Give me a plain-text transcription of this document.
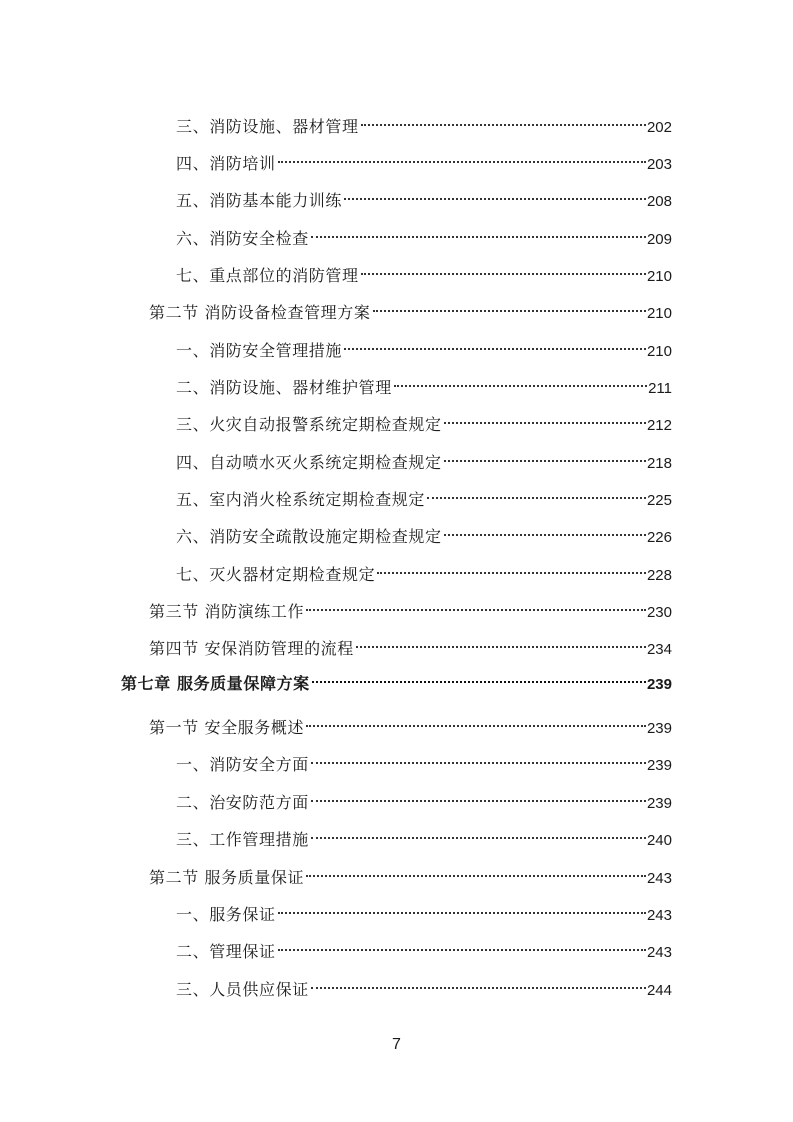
三、消防设施、器材管理	202
四、消防培训	203
五、消防基本能力训练	208
六、消防安全检查	209
七、重点部位的消防管理	210
第二节 消防设备检查管理方案	210
一、消防安全管理措施	210
二、消防设施、器材维护管理	211
三、火灾自动报警系统定期检查规定	212
四、自动喷水灭火系统定期检查规定	218
五、室内消火栓系统定期检查规定	225
六、消防安全疏散设施定期检查规定	226
七、灭火器材定期检查规定	228
第三节 消防演练工作	230
第四节 安保消防管理的流程	234
第七章 服务质量保障方案	239
第一节 安全服务概述	239
一、消防安全方面	239
二、治安防范方面	239
三、工作管理措施	240
第二节 服务质量保证	243
一、服务保证	243
二、管理保证	243
三、人员供应保证	244
7
